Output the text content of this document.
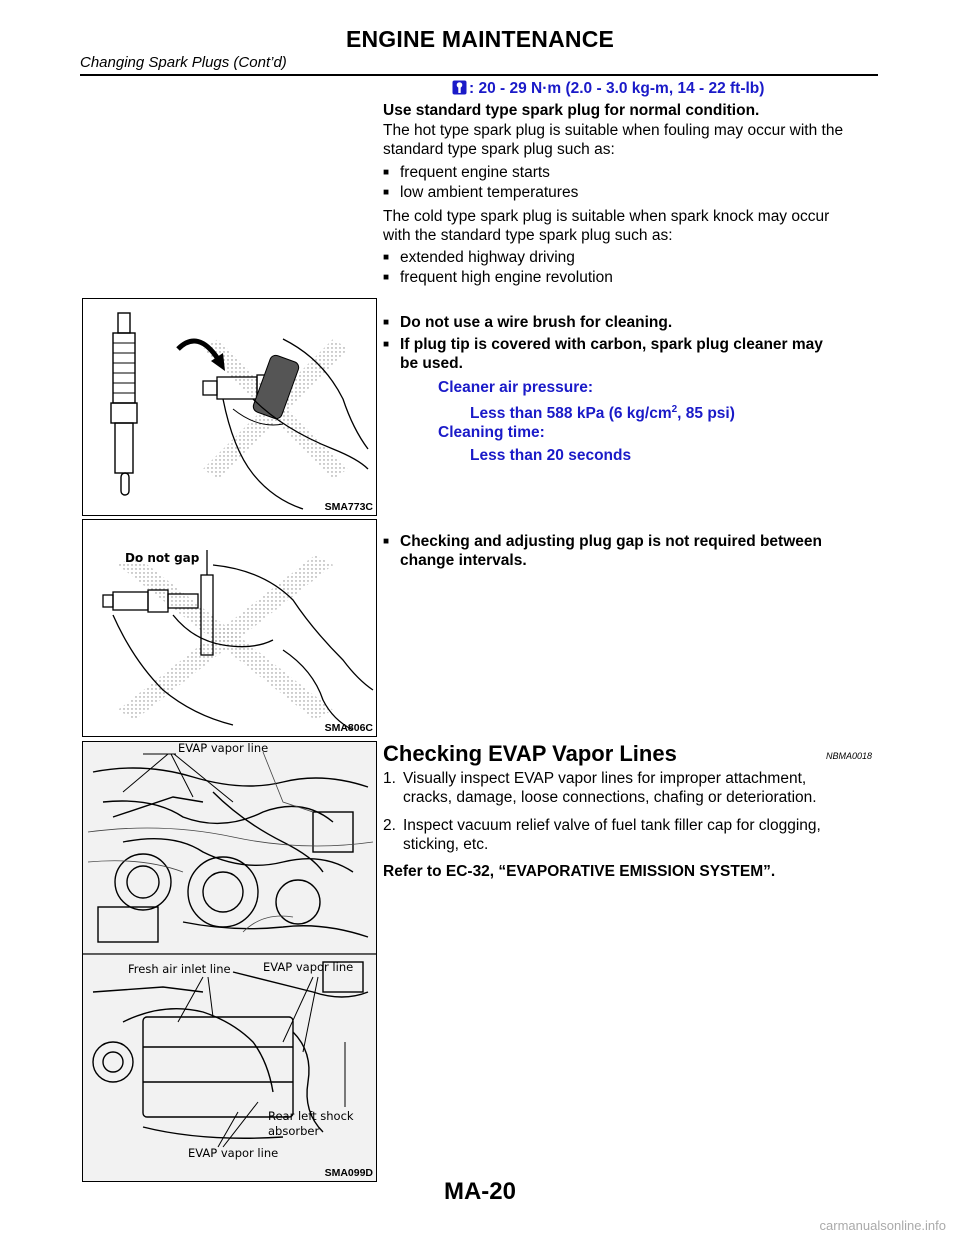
ENGINE MAINTENANCE
Changing Spark Plugs (Cont’d)
: 20 - 29 N·m (2.0 - 3.0 kg-m, 14 - 22 ft-lb)
Use standard type spark plug for normal condition.
The hot type spark plug is suitable when fouling may occur with the
standard type spark plug such as:
■ frequent engine starts
■ low ambient temperatures
The cold type spark plug is suitable when spark knock may occur
with the standard type spark plug such as:
■ extended highway driving
■ frequent high engine revolution
SMA773C
■ Do not use a wire brush for cleaning.
■ If plug tip is covered with carbon, spark plug cleaner may
be used.
Cleaner air pressure:
Less than 588 kPa (6 $kg/cm^2$, 85 psi)
Cleaning time:
Less than 20 seconds
Do not gap
SMA806C
■ Checking and adjusting plug gap is not required between
change intervals.
EVAP vapor line
Fresh air inlet line	EVAP vapor line
Rear left shock
absorber
EVAP vapor line
SMA099D
Checking EVAP Vapor Lines	NBMA0018
1. Visually inspect EVAP vapor lines for improper attachment,
cracks, damage, loose connections, chafing or deterioration.
2. Inspect vacuum relief valve of fuel tank filler cap for clogging,
sticking, etc.
Refer to EC-32, “EVAPORATIVE EMISSION SYSTEM”.
MA-20
carmanualsonline.info
